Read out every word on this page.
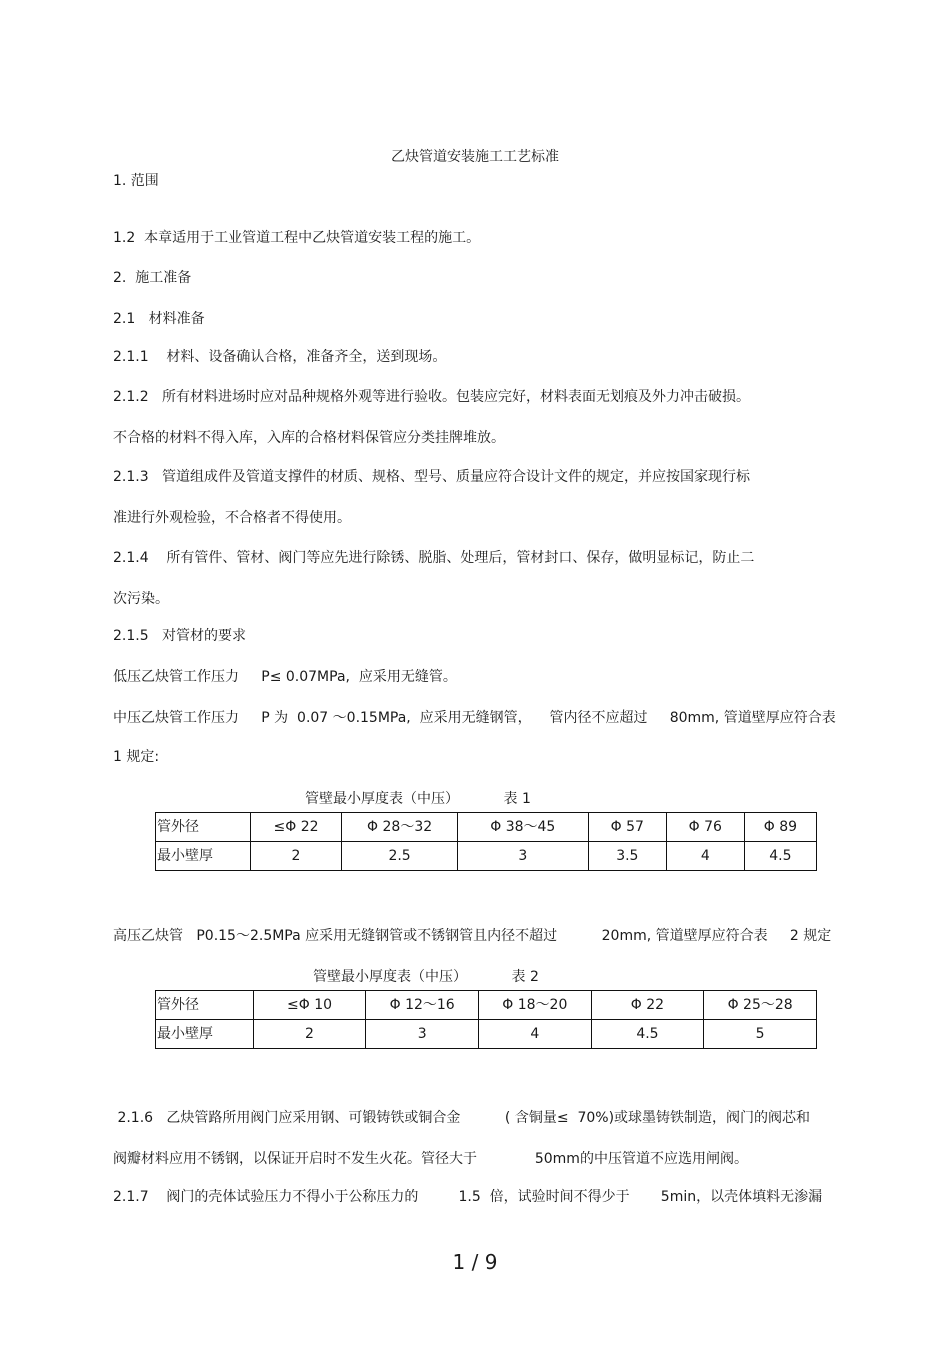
乙炔管道安装施工工艺标准
1. 范围
1.2  本章适用于工业管道工程中乙炔管道安装工程的施工。
2.  施工准备
2.1   材料准备
2.1.1    材料、设备确认合格，准备齐全，送到现场。
2.1.2   所有材料进场时应对品种规格外观等进行验收。包装应完好，材料表面无划痕及外力冲击破损。
不合格的材料不得入库，入库的合格材料保管应分类挂牌堆放。
2.1.3   管道组成件及管道支撑件的材质、规格、型号、质量应符合设计文件的规定，并应按国家现行标
准进行外观检验，不合格者不得使用。
2.1.4    所有管件、管材、阀门等应先进行除锈、脱脂、处理后，管材封口、保存，做明显标记，防止二
次污染。
2.1.5   对管材的要求
低压乙炔管工作压力     P≤ 0.07MPa,  应采用无缝管。
中压乙炔管工作压力     P 为  0.07 ～0.15MPa,  应采用无缝钢管，    管内径不应超过     80mm, 管道壁厚应符合表
1 规定:
管壁最小厚度表（中压）          表 1
管外径	≤Φ 22	Φ 28～32	Φ 38～45	Φ 57	Φ 76	Φ 89
最小壁厚	2	2.5	3	3.5	4	4.5
高压乙炔管   P0.15～2.5MPa 应采用无缝钢管或不锈钢管且内径不超过          20mm, 管道壁厚应符合表     2 规定
管壁最小厚度表（中压）          表 2
管外径	≤Φ 10	Φ 12～16	Φ 18～20	Φ 22	Φ 25～28
最小壁厚	2	3	4	4.5	5
2.1.6   乙炔管路所用阀门应采用钢、可锻铸铁或铜合金          ( 含铜量≤  70%)或球墨铸铁制造，阀门的阀芯和
阀瓣材料应用不锈钢，以保证开启时不发生火花。管径大于             50mm的中压管道不应选用闸阀。
2.1.7    阀门的壳体试验压力不得小于公称压力的         1.5  倍，试验时间不得少于       5min，以壳体填料无渗漏
1 / 9
